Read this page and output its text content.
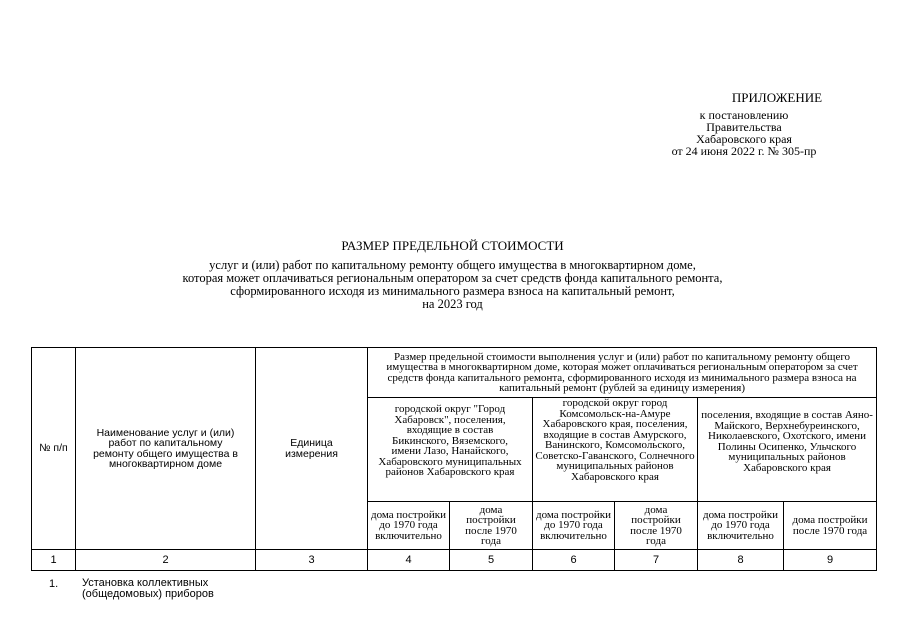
ПРИЛОЖЕНИЕ
к постановлению
Правительства
Хабаровского края
от 24 июня 2022 г. № 305-пр
РАЗМЕР ПРЕДЕЛЬНОЙ СТОИМОСТИ
услуг и (или) работ по капитальному ремонту общего имущества в многоквартирном доме,
которая может оплачиваться региональным оператором за счет средств фонда капитального ремонта,
сформированного исходя из минимального размера взноса на капитальный ремонт,
на 2023 год
№ п/п	Наименование услуг и (или) работ по капитальному ремонту общего имущества в многоквартирном доме	Единица измерения	Размер предельной стоимости выполнения услуг и (или) работ по капитальному ремонту общего имущества в многоквартирном доме, которая может оплачиваться региональным оператором за счет средств фонда капитального ремонта, сформированного исходя из минимального размера взноса на капитальный ремонт (рублей за единицу измерения)					
			городской округ "Город Хабаровск", поселения, входящие в состав Бикинского, Вяземского, имени Лазо, Нанайского, Хабаровского муниципальных районов Хабаровского края		городской округ город Комсомольск-на-Амуре Хабаровского края, поселения, входящие в состав Амурского, Ванинского, Комсомольского, Советско-Гаванского, Солнечного муниципальных районов Хабаровского края		поселения, входящие в состав Аяно-Майского, Верхнебуреинского, Николаевского, Охотского, имени Полины Осипенко, Ульчского муниципальных районов Хабаровского края	
			дома постройки до 1970 года включительно	дома постройки после 1970 года	дома постройки до 1970 года включительно	дома постройки после 1970 года	дома постройки до 1970 года включительно	дома постройки после 1970 года
1	2	3	4	5	6	7	8	9
1. Установка коллективных (общедомовых) приборов
